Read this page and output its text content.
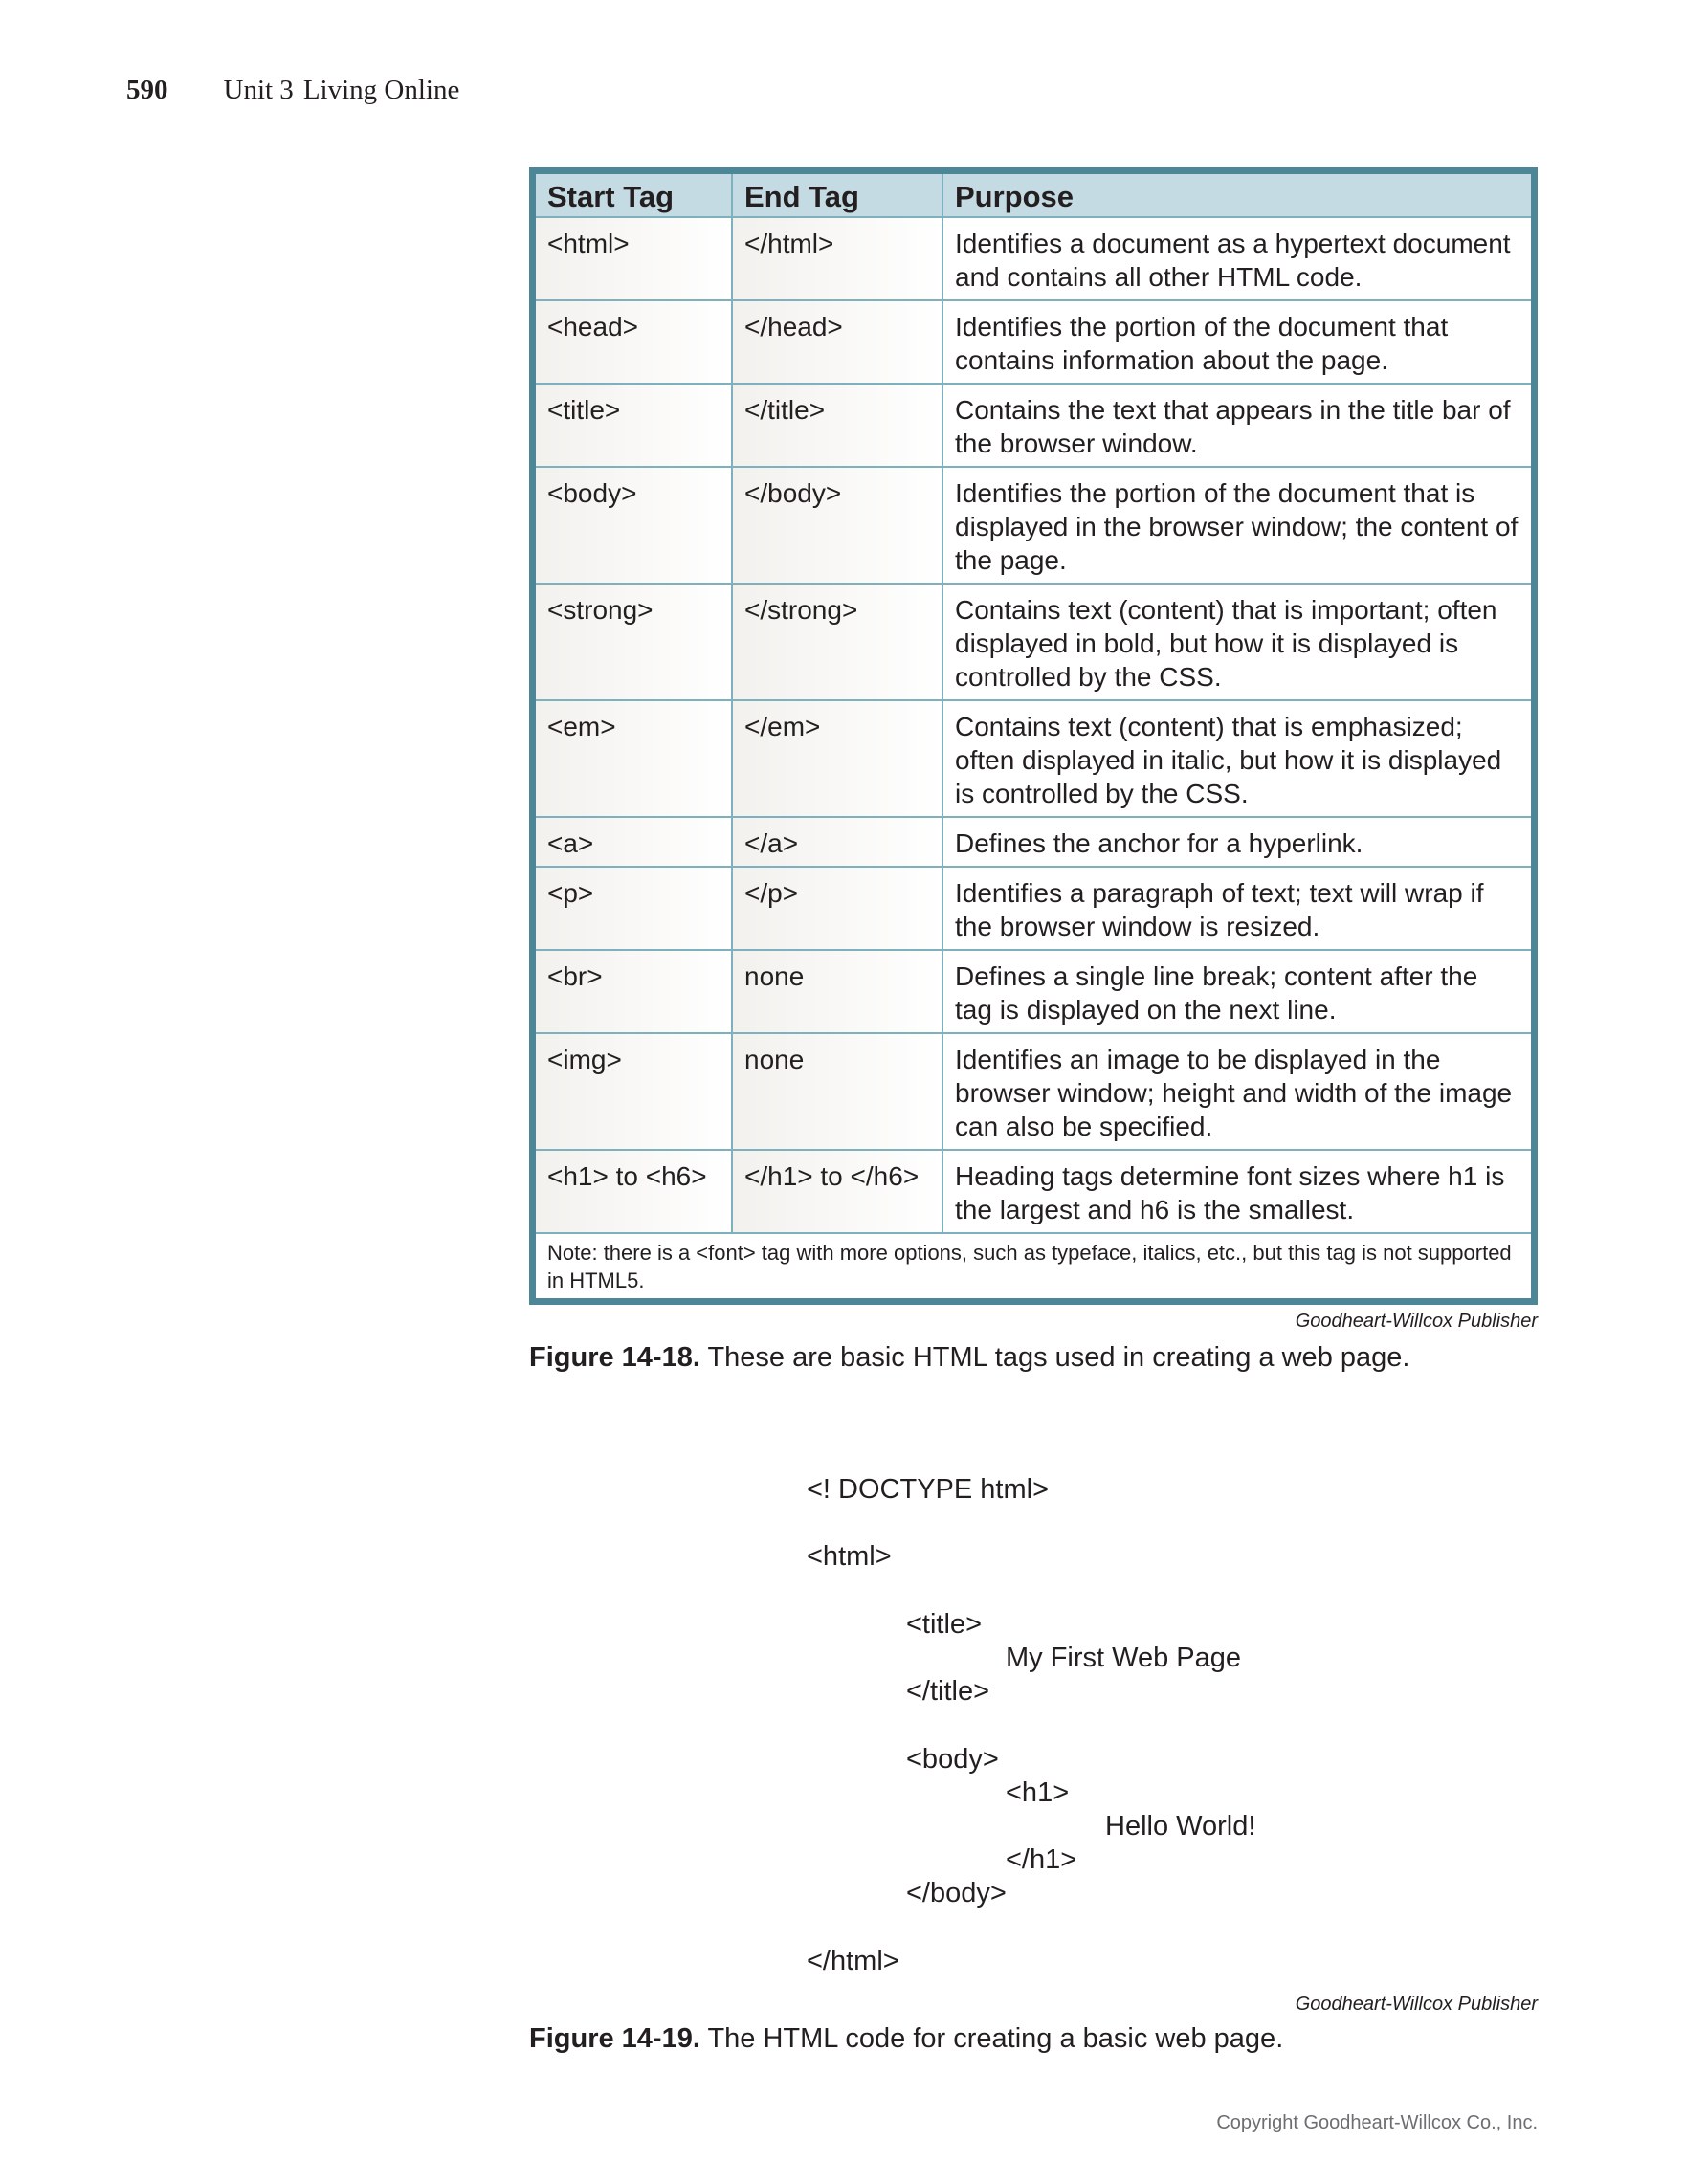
590 Unit 3 Living Online
Start Tag	End Tag	Purpose
<html>	</html>	Identifies a document as a hypertext document and contains all other HTML code.
<head>	</head>	Identifies the portion of the document that contains information about the page.
<title>	</title>	Contains the text that appears in the title bar of the browser window.
<body>	</body>	Identifies the portion of the document that is displayed in the browser window; the content of the page.
<strong>	</strong>	Contains text (content) that is important; often displayed in bold, but how it is displayed is controlled by the CSS.
<em>	</em>	Contains text (content) that is emphasized; often displayed in italic, but how it is displayed is controlled by the CSS.
<a>	</a>	Defines the anchor for a hyperlink.
<p>	</p>	Identifies a paragraph of text; text will wrap if the browser window is resized.
<br>	none	Defines a single line break; content after the tag is displayed on the next line.
<img>	none	Identifies an image to be displayed in the browser window; height and width of the image can also be specified.
<h1> to <h6>	</h1> to </h6>	Heading tags determine font sizes where h1 is the largest and h6 is the smallest.
Note: there is a <font> tag with more options, such as typeface, italics, etc., but this tag is not supported in HTML5.		
Goodheart-Willcox Publisher
Figure 14-18. These are basic HTML tags used in creating a web page.
<! DOCTYPE html>
<html>
<title>
My First Web Page
</title>
<body>
<h1>
Hello World!
</h1>
</body>
</html>
Goodheart-Willcox Publisher
Figure 14-19. The HTML code for creating a basic web page.
Copyright Goodheart-Willcox Co., Inc.
